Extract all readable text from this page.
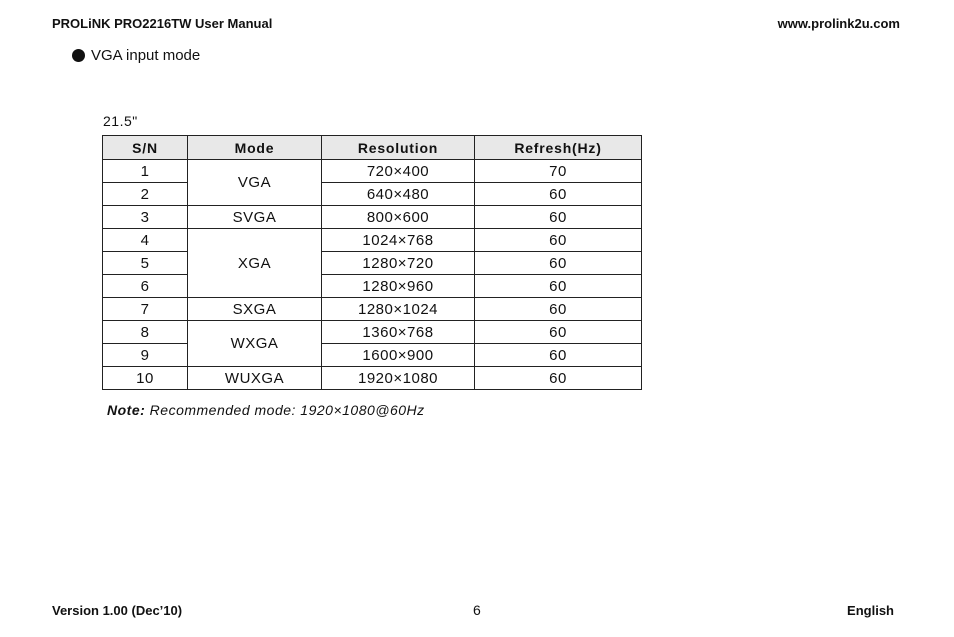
PROLiNK PRO2216TW User Manual	www.prolink2u.com
VGA input mode
21.5"
S/N	Mode	Resolution	Refresh(Hz)
1	VGA	720×400	70
2		640×480	60
3	SVGA	800×600	60
4	XGA	1024×768	60
5		1280×720	60
6		1280×960	60
7	SXGA	1280×1024	60
8	WXGA	1360×768	60
9		1600×900	60
10	WUXGA	1920×1080	60
Note: Recommended mode: 1920×1080@60Hz
Version 1.00 (Dec’10)	6	English
